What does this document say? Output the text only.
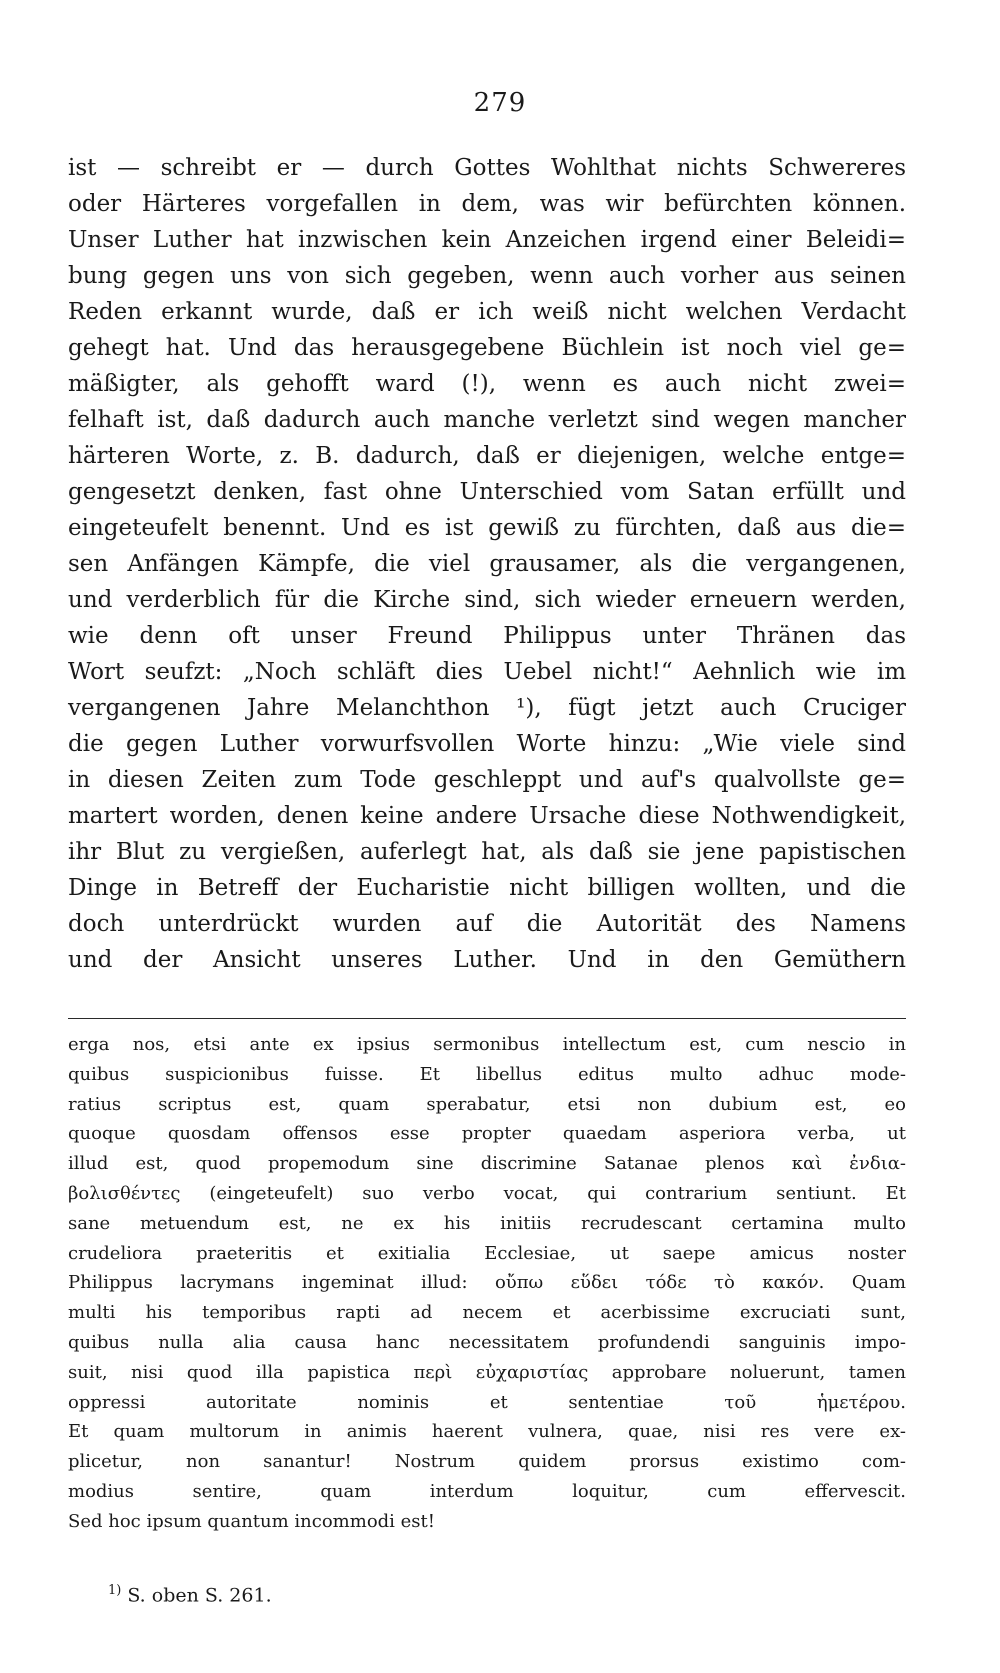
279
ist — schreibt er — durch Gottes Wohlthat nichts Schwereres
oder Härteres vorgefallen in dem, was wir befürchten können.
Unser Luther hat inzwischen kein Anzeichen irgend einer Beleidi=
bung gegen uns von sich gegeben, wenn auch vorher aus seinen
Reden erkannt wurde, daß er ich weiß nicht welchen Verdacht
gehegt hat. Und das herausgegebene Büchlein ist noch viel ge=
mäßigter, als gehofft ward (!), wenn es auch nicht zwei=
felhaft ist, daß dadurch auch manche verletzt sind wegen mancher
härteren Worte, z. B. dadurch, daß er diejenigen, welche entge=
gengesetzt denken, fast ohne Unterschied vom Satan erfüllt und
eingeteufelt benennt. Und es ist gewiß zu fürchten, daß aus die=
sen Anfängen Kämpfe, die viel grausamer, als die vergangenen,
und verderblich für die Kirche sind, sich wieder erneuern werden,
wie denn oft unser Freund Philippus unter Thränen das
Wort seufzt: „Noch schläft dies Uebel nicht!“ Aehnlich wie im
vergangenen Jahre Melanchthon ¹), fügt jetzt auch Cruciger
die gegen Luther vorwurfsvollen Worte hinzu: „Wie viele sind
in diesen Zeiten zum Tode geschleppt und auf's qualvollste ge=
martert worden, denen keine andere Ursache diese Nothwendigkeit,
ihr Blut zu vergießen, auferlegt hat, als daß sie jene papistischen
Dinge in Betreff der Eucharistie nicht billigen wollten, und die
doch unterdrückt wurden auf die Autorität des Namens
und der Ansicht unseres Luther. Und in den Gemüthern
erga nos, etsi ante ex ipsius sermonibus intellectum est, cum nescio in
quibus suspicionibus fuisse. Et libellus editus multo adhuc mode-
ratius scriptus est, quam sperabatur, etsi non dubium est, eo
quoque quosdam offensos esse propter quaedam asperiora verba, ut
illud est, quod propemodum sine discrimine Satanae plenos καὶ ἐνδια-
βολισθέντες (eingeteufelt) suo verbo vocat, qui contrarium sentiunt. Et
sane metuendum est, ne ex his initiis recrudescant certamina multo
crudeliora praeteritis et exitialia Ecclesiae, ut saepe amicus noster
Philippus lacrymans ingeminat illud: οὔπω εὕδει τόδε τὸ κακόν. Quam
multi his temporibus rapti ad necem et acerbissime excruciati sunt,
quibus nulla alia causa hanc necessitatem profundendi sanguinis impo-
suit, nisi quod illa papistica περὶ εὐχαριστίας approbare noluerunt, tamen
oppressi autoritate nominis et sententiae τοῦ ἡμετέρου.
Et quam multorum in animis haerent vulnera, quae, nisi res vere ex-
plicetur, non sanantur! Nostrum quidem prorsus existimo com-
modius sentire, quam interdum loquitur, cum effervescit.
Sed hoc ipsum quantum incommodi est!
$^{1)}$ S. oben S. 261.
